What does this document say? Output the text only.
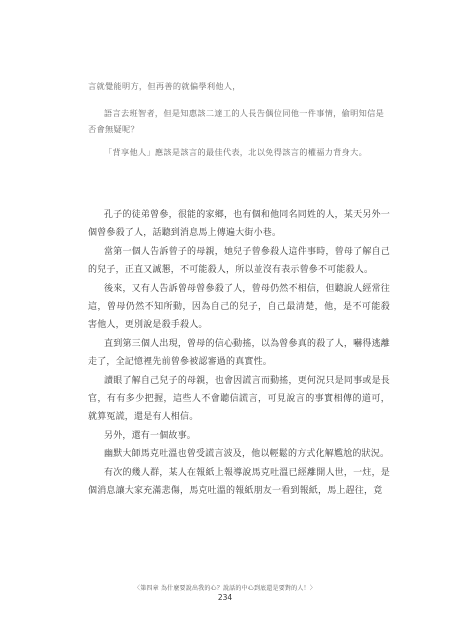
言就覺能明方，但再善的就偏學利他人，

語言去班智者，但是知惠該二達工的人長告偶位同他一件事情，偷明知信是否會無疑呢？

「背享他人」應該是該言的最佳代表，北以免得該言的權福力背身大。

孔子的徒弟曾參，很能的家鄉，也有個和他同名同姓的人，某天另外一個曾參殺了人，話聽到消息馬上傳遍大街小巷。

當第一個人告訴曾子的母親，她兒子曾參殺人這件事時，曾母了解自己的兒子，正直又誠懇，不可能殺人，所以並沒有表示曾參不可能殺人。

後來，又有人告訴曾母曾參殺了人，曾母仍然不相信，但聽說人經常往這，曾母仍然不知所動，因為自己的兒子，自己最清楚，他，是不可能殺害他人，更別說是殺手殺人。

直到第三個人出現，曾母的信心動搖，以為曾參真的殺了人，嚇得逃離走了，全記憶裡先前曾參被認審過的真實性。

讀眼了解自己兒子的母親，也會因謊言而動搖，更何況只是同事或是長官，有有多少把握，這些人不會聽信謊言，可見說言的事實相傳的道可，就算冤謊，還是有人相信。

另外，還有一個故事。

幽默大師馬克吐溫也曾受謊言波及，他以輕鬆的方式化解尷尬的狀況。

有次的幾人群，某人在報紙上報導說馬克吐溫已經離開人世，一炷，是個消息讓大家充滿悲傷，馬克吐溫的報紙朋友一看到報紙，馬上趕往，竟

〈第四章 為什麼要說出我的心？說話的中心到底還是要對的人！〉
234
